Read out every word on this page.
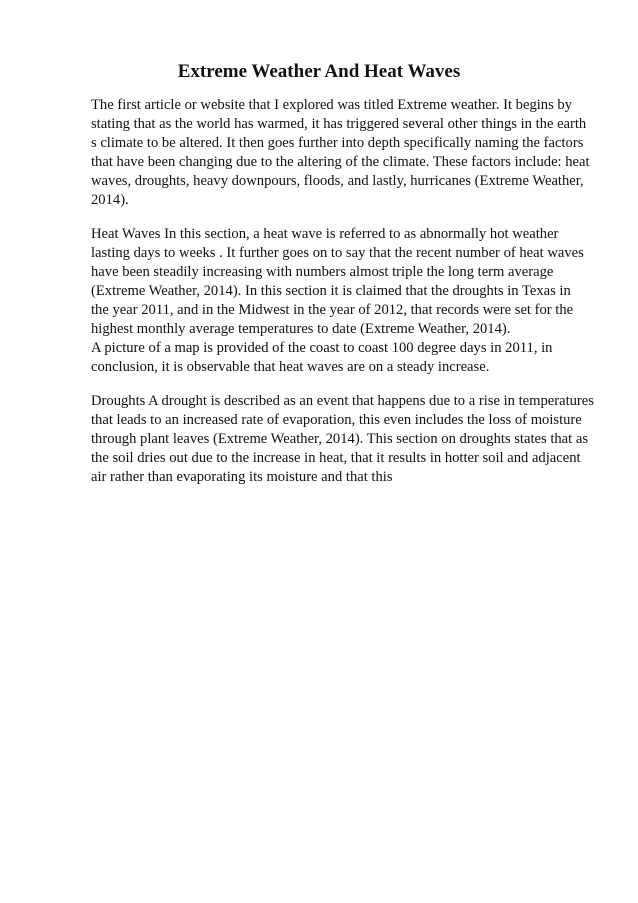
Extreme Weather And Heat Waves

The first article or website that I explored was titled Extreme weather. It begins by

stating that as the world has warmed, it has triggered several other things in the earth

s climate to be altered. It then goes further into depth specifically naming the factors

that have been changing due to the altering of the climate. These factors include: heat

waves, droughts, heavy downpours, floods, and lastly, hurricanes (Extreme Weather,

2014).

Heat Waves In this section, a heat wave is referred to as abnormally hot weather

lasting days to weeks . It further goes on to say that the recent number of heat waves

have been steadily increasing with numbers almost triple the long term average

(Extreme Weather, 2014). In this section it is claimed that the droughts in Texas in

the year 2011, and in the Midwest in the year of 2012, that records were set for the

highest monthly average temperatures to date (Extreme Weather, 2014).

A picture of a map is provided of the coast to coast 100 degree days in 2011, in

conclusion, it is observable that heat waves are on a steady increase.

Droughts A drought is described as an event that happens due to a rise in temperatures

that leads to an increased rate of evaporation, this even includes the loss of moisture

through plant leaves (Extreme Weather, 2014). This section on droughts states that as

the soil dries out due to the increase in heat, that it results in hotter soil and adjacent

air rather than evaporating its moisture and that this
